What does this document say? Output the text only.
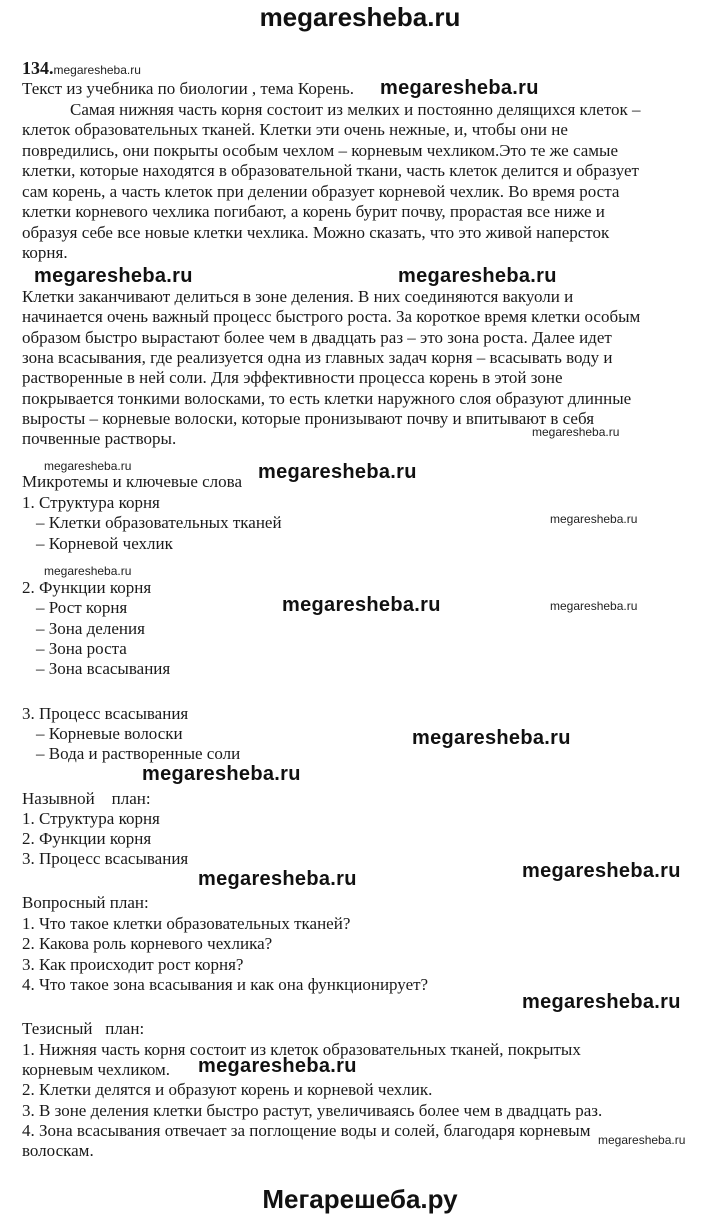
megaresheba.ru
Мегарешеба.ру
134.megaresheba.ru
Текст из учебника по биологии , тема Корень.
Самая нижняя часть корня состоит из мелких и постоянно делящихся клеток –
клеток образовательных тканей. Клетки эти очень нежные, и, чтобы они не
повредились, они покрыты особым чехлом – корневым чехликом.Это те же самые
клетки, которые находятся в образовательной ткани, часть клеток делится и образует
сам корень, а часть клеток при делении образует корневой чехлик. Во время роста
клетки корневого чехлика погибают, а корень бурит почву, прорастая все ниже и
образуя себе все новые клетки чехлика. Можно сказать, что это живой наперсток
корня.
Клетки заканчивают делиться в зоне деления. В них соединяются вакуоли и
начинается очень важный процесс быстрого роста. За короткое время клетки особым
образом быстро вырастают более чем в двадцать раз – это зона роста. Далее идет
зона всасывания, где реализуется одна из главных задач корня – всасывать воду и
растворенные в ней соли. Для эффективности процесса корень в этой зоне
покрывается тонкими волосками, то есть клетки наружного слоя образуют длинные
выросты – корневые волоски, которые пронизывают почву и впитывают в себя
почвенные растворы.
Микротемы и ключевые слова
1. Структура корня
– Клетки образовательных тканей
– Корневой чехлик
2. Функции корня
– Рост корня
– Зона деления
– Зона роста
– Зона всасывания
3. Процесс всасывания
– Корневые волоски
– Вода и растворенные соли
Назывной    план:
1. Структура корня
2. Функции корня
3. Процесс всасывания
Вопросный план:
1. Что такое клетки образовательных тканей?
2. Какова роль корневого чехлика?
3. Как происходит рост корня?
4. Что такое зона всасывания и как она функционирует?
Тезисный   план:
1. Нижняя часть корня состоит из клеток образовательных тканей, покрытых
корневым чехликом.
2. Клетки делятся и образуют корень и корневой чехлик.
3. В зоне деления клетки быстро растут, увеличиваясь более чем в двадцать раз.
4. Зона всасывания отвечает за поглощение воды и солей, благодаря корневым
волоскам.
megaresheba.ru
megaresheba.ru	megaresheba.ru
megaresheba.ru
megaresheba.ru
megaresheba.ru
megaresheba.ru
megaresheba.ru
megaresheba.ru
megaresheba.ru
megaresheba.ru
megaresheba.ru
megaresheba.ru
megaresheba.ru
megaresheba.ru
megaresheba.ru
megaresheba.ru
